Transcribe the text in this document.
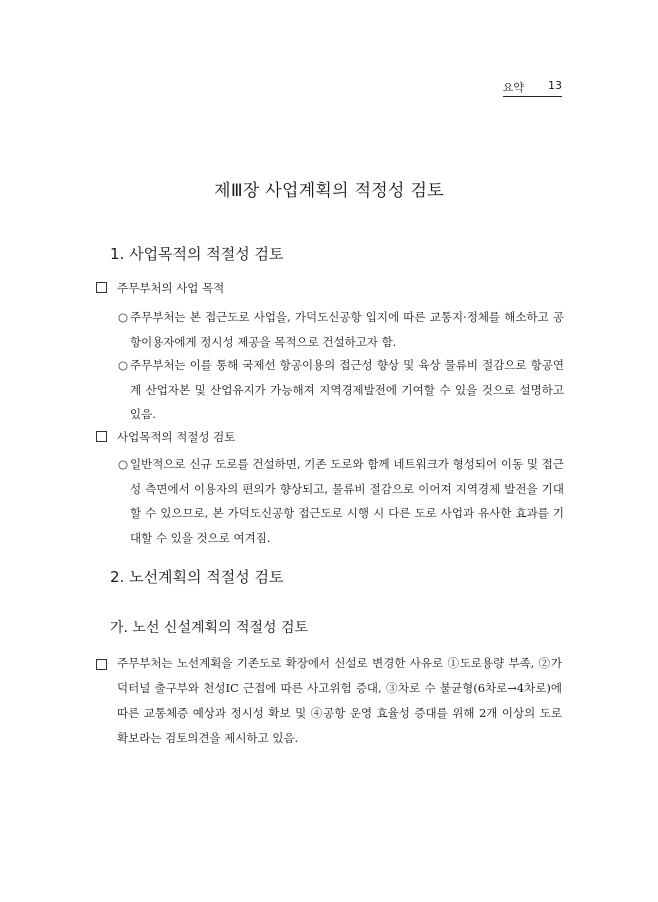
요약 13
제Ⅲ장 사업계획의 적정성 검토
1. 사업목적의 적절성 검토
주무부처의 사업 목적
○ 주무부처는 본 접근도로 사업을, 가덕도신공항 입지에 따른 교통지·정체를 해소하고 공항이용자에게 정시성 제공을 목적으로 건설하고자 함.
○ 주무부처는 이를 통해 국제선 항공이용의 접근성 향상 및 육상 물류비 절감으로 항공연계 산업자본 및 산업유지가 가능해져 지역경제발전에 기여할 수 있을 것으로 설명하고 있음.
사업목적의 적절성 검토
○ 일반적으로 신규 도로를 건설하면, 기존 도로와 함께 네트워크가 형성되어 이동 및 접근성 측면에서 이용자의 편의가 향상되고, 물류비 절감으로 이어져 지역경제 발전을 기대할 수 있으므로, 본 가덕도신공항 접근도로 시행 시 다른 도로 사업과 유사한 효과를 기대할 수 있을 것으로 여겨짐.
2. 노선계획의 적절성 검토
가. 노선 신설계획의 적절성 검토
주무부처는 노선계획을 기존도로 확장에서 신설로 변경한 사유로 ①도로용량 부족, ②가덕터널 출구부와 천성IC 근접에 따른 사고위험 증대, ③차로 수 불균형(6차로→4차로)에 따른 교통체증 예상과 정시성 확보 및 ④공항 운영 효율성 증대를 위해 2개 이상의 도로 확보라는 검토의견을 제시하고 있음.
